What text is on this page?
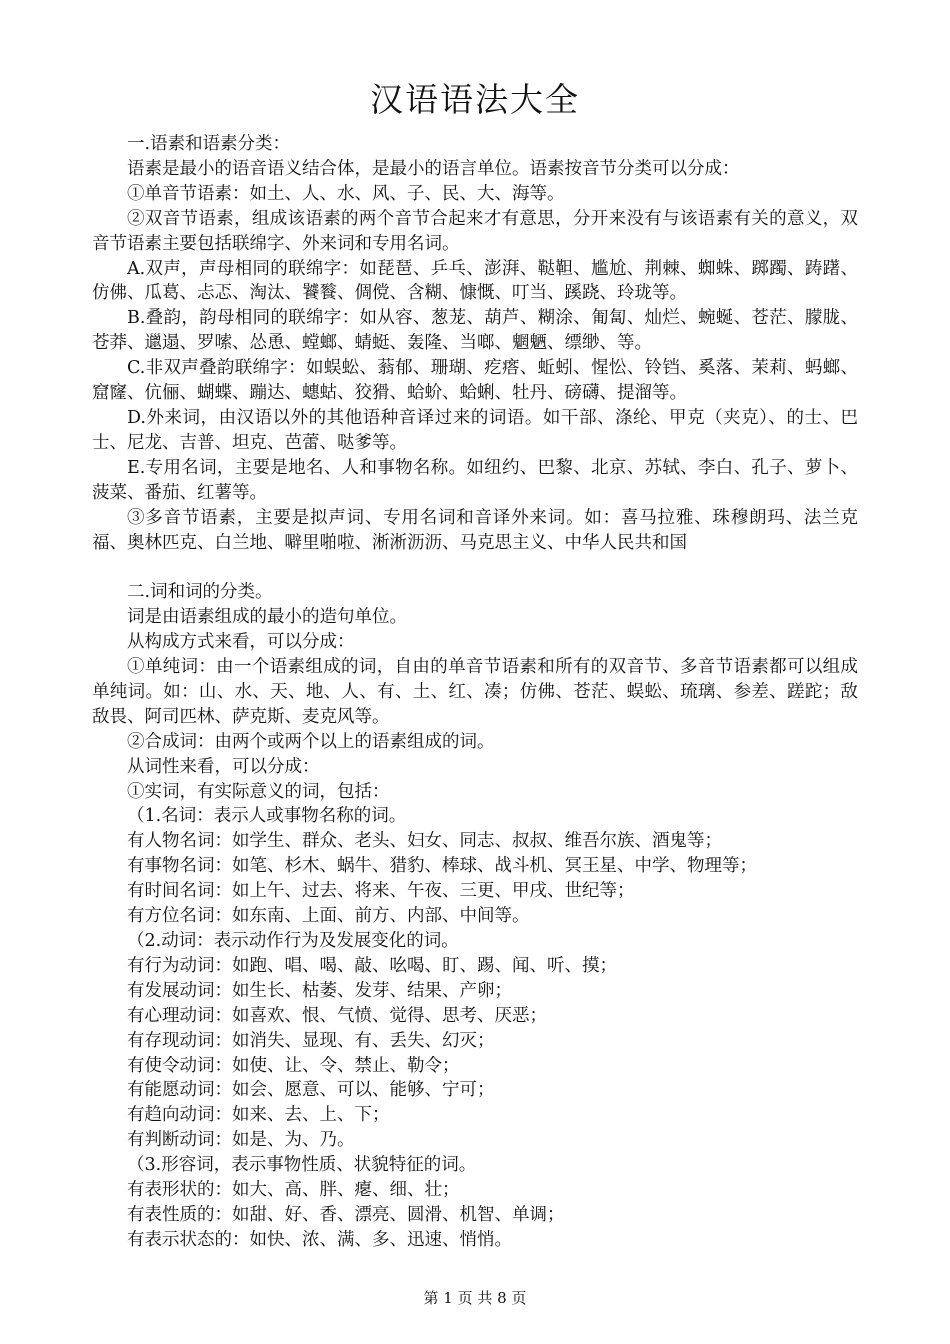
汉语语法大全

一.语素和语素分类：

语素是最小的语音语义结合体，是最小的语言单位。语素按音节分类可以分成：

①单音节语素：如土、人、水、风、子、民、大、海等。

②双音节语素，组成该语素的两个音节合起来才有意思，分开来没有与该语素有关的意义，双音节语素主要包括联绵字、外来词和专用名词。

A.双声，声母相同的联绵字：如琵琶、乒乓、澎湃、鞑靼、尴尬、荆棘、蜘蛛、踯躅、踌躇、仿佛、瓜葛、忐忑、淘汰、饕餮、倜傥、含糊、慷慨、叮当、蹊跷、玲珑等。

B.叠韵，韵母相同的联绵字：如从容、葱茏、葫芦、糊涂、匍匐、灿烂、蜿蜒、苍茫、朦胧、苍莽、邋遢、罗嗦、怂恿、螳螂、蜻蜓、轰隆、当啷、魍魉、缥缈、等。

C.非双声叠韵联绵字：如蜈蚣、蓊郁、珊瑚、疙瘩、蚯蚓、惺忪、铃铛、奚落、茉莉、蚂螂、窟窿、伉俪、蝴蝶、蹦达、蟪蛄、狡猾、蛤蚧、蛤蜊、牡丹、磅礴、提溜等。

D.外来词，由汉语以外的其他语种音译过来的词语。如干部、涤纶、甲克（夹克）、的士、巴士、尼龙、吉普、坦克、芭蕾、哒爹等。

E.专用名词，主要是地名、人和事物名称。如纽约、巴黎、北京、苏轼、李白、孔子、萝卜、菠菜、番茄、红薯等。

③多音节语素，主要是拟声词、专用名词和音译外来词。如：喜马拉雅、珠穆朗玛、法兰克福、奥林匹克、白兰地、噼里啪啦、淅淅沥沥、马克思主义、中华人民共和国

二.词和词的分类。

词是由语素组成的最小的造句单位。

从构成方式来看，可以分成：

①单纯词：由一个语素组成的词，自由的单音节语素和所有的双音节、多音节语素都可以组成单纯词。如：山、水、天、地、人、有、土、红、凑；仿佛、苍茫、蜈蚣、琉璃、参差、蹉跎；敌敌畏、阿司匹林、萨克斯、麦克风等。

②合成词：由两个或两个以上的语素组成的词。

从词性来看，可以分成：

①实词，有实际意义的词，包括：

（1.名词：表示人或事物名称的词。

有人物名词：如学生、群众、老头、妇女、同志、叔叔、维吾尔族、酒鬼等；

有事物名词：如笔、杉木、蜗牛、猎豹、棒球、战斗机、冥王星、中学、物理等；

有时间名词：如上午、过去、将来、午夜、三更、甲戌、世纪等；

有方位名词：如东南、上面、前方、内部、中间等。

（2.动词：表示动作行为及发展变化的词。

有行为动词：如跑、唱、喝、敲、吆喝、盯、踢、闻、听、摸；

有发展动词：如生长、枯萎、发芽、结果、产卵；

有心理动词：如喜欢、恨、气愤、觉得、思考、厌恶；

有存现动词：如消失、显现、有、丢失、幻灭；

有使令动词：如使、让、令、禁止、勒令；

有能愿动词：如会、愿意、可以、能够、宁可；

有趋向动词：如来、去、上、下；

有判断动词：如是、为、乃。

（3.形容词，表示事物性质、状貌特征的词。

有表形状的：如大、高、胖、瘪、细、壮；

有表性质的：如甜、好、香、漂亮、圆滑、机智、单调；

有表示状态的：如快、浓、满、多、迅速、悄悄。

第 1 页 共 8 页
